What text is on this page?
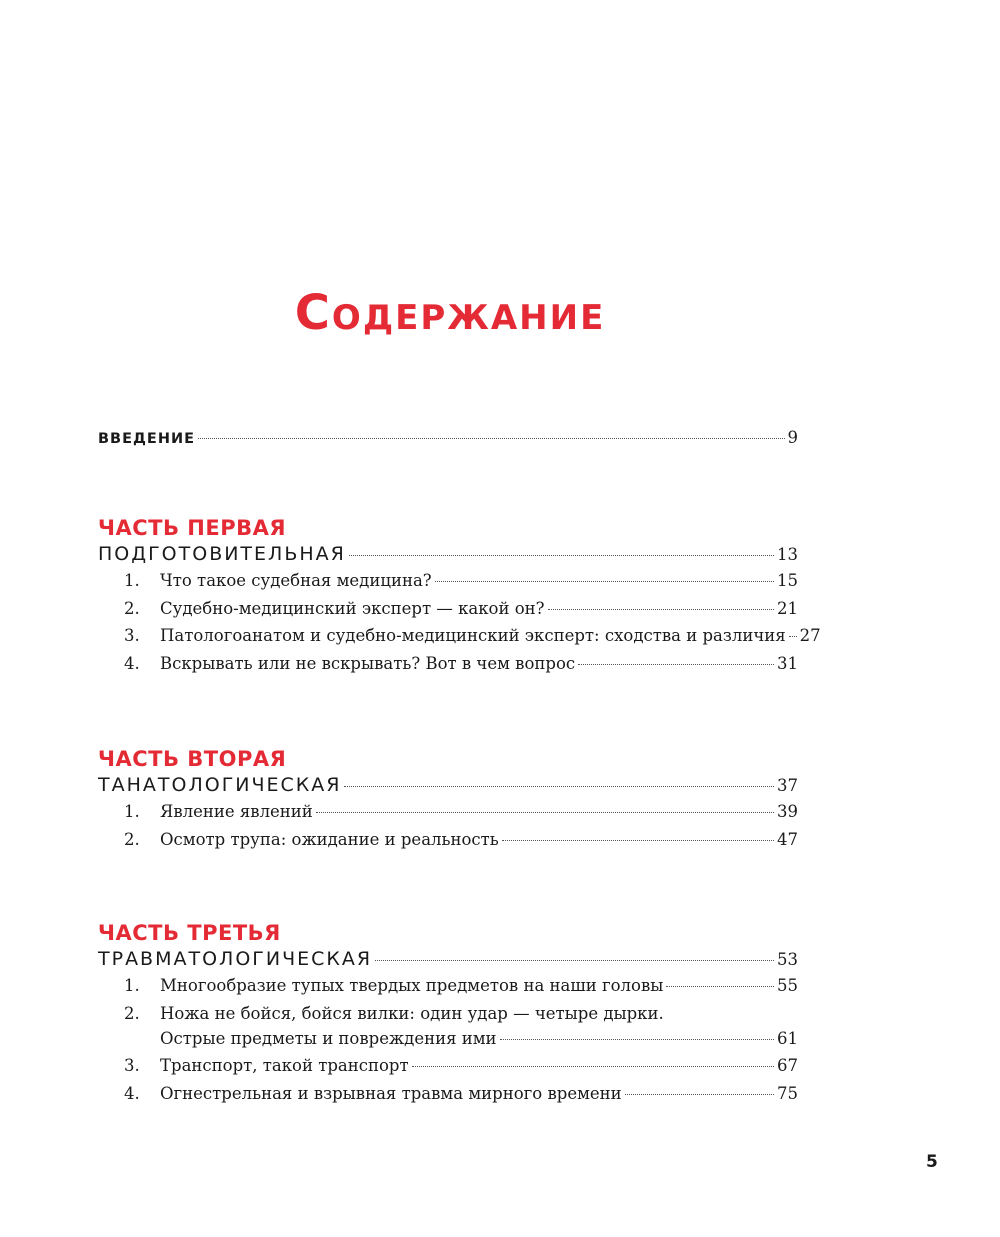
Содержание
ВВЕДЕНИЕ	9
ЧАСТЬ ПЕРВАЯ
ПОДГОТОВИТЕЛЬНАЯ	13
1.	Что такое судебная медицина?	15
2.	Судебно-медицинский эксперт — какой он?	21
3.	Патологоанатом и судебно-медицинский эксперт: сходства и различия 27
4.	Вскрывать или не вскрывать? Вот в чем вопрос	31
ЧАСТЬ ВТОРАЯ
ТАНАТОЛОГИЧЕСКАЯ	37
1.	Явление явлений	39
2.	Осмотр трупа: ожидание и реальность	47
ЧАСТЬ ТРЕТЬЯ
ТРАВМАТОЛОГИЧЕСКАЯ	53
1.	Многообразие тупых твердых предметов на наши головы	55
2.	Ножа не бойся, бойся вилки: один удар — четыре дырки.
Острые предметы и повреждения ими	61
3.	Транспорт, такой транспорт	67
4.	Огнестрельная и взрывная травма мирного времени	75
5
